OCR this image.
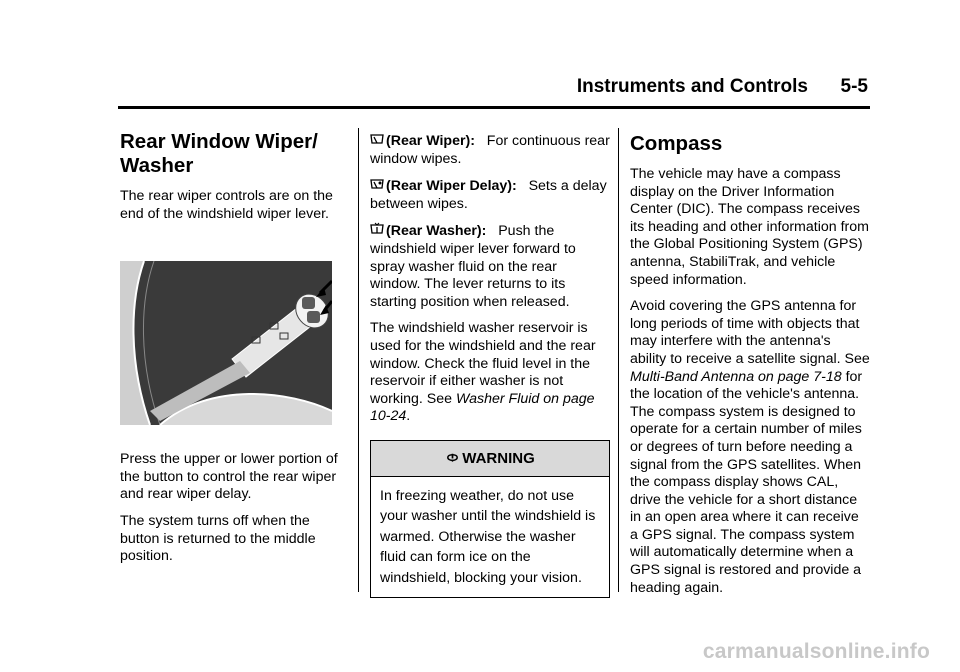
Instruments and Controls 5-5
Rear Window Wiper/ Washer

The rear wiper controls are on the end of the windshield wiper lever.

Press the upper or lower portion of the button to control the rear wiper and rear wiper delay.

The system turns off when the button is returned to the middle position.

(Rear Wiper): For continuous rear window wipes.

(Rear Wiper Delay): Sets a delay between wipes.

(Rear Washer): Push the windshield wiper lever forward to spray washer fluid on the rear window. The lever returns to its starting position when released.

The windshield washer reservoir is used for the windshield and the rear window. Check the fluid level in the reservoir if either washer is not working. See Washer Fluid on page 10-24.

WARNING
In freezing weather, do not use your washer until the windshield is warmed. Otherwise the washer fluid can form ice on the windshield, blocking your vision.
Compass

The vehicle may have a compass display on the Driver Information Center (DIC). The compass receives its heading and other information from the Global Positioning System (GPS) antenna, StabiliTrak, and vehicle speed information.

Avoid covering the GPS antenna for long periods of time with objects that may interfere with the antenna's ability to receive a satellite signal. See Multi-Band Antenna on page 7-18 for the location of the vehicle's antenna. The compass system is designed to operate for a certain number of miles or degrees of turn before needing a signal from the GPS satellites. When the compass display shows CAL, drive the vehicle for a short distance in an open area where it can receive a GPS signal. The compass system will automatically determine when a GPS signal is restored and provide a heading again.

carmanualsonline.info
